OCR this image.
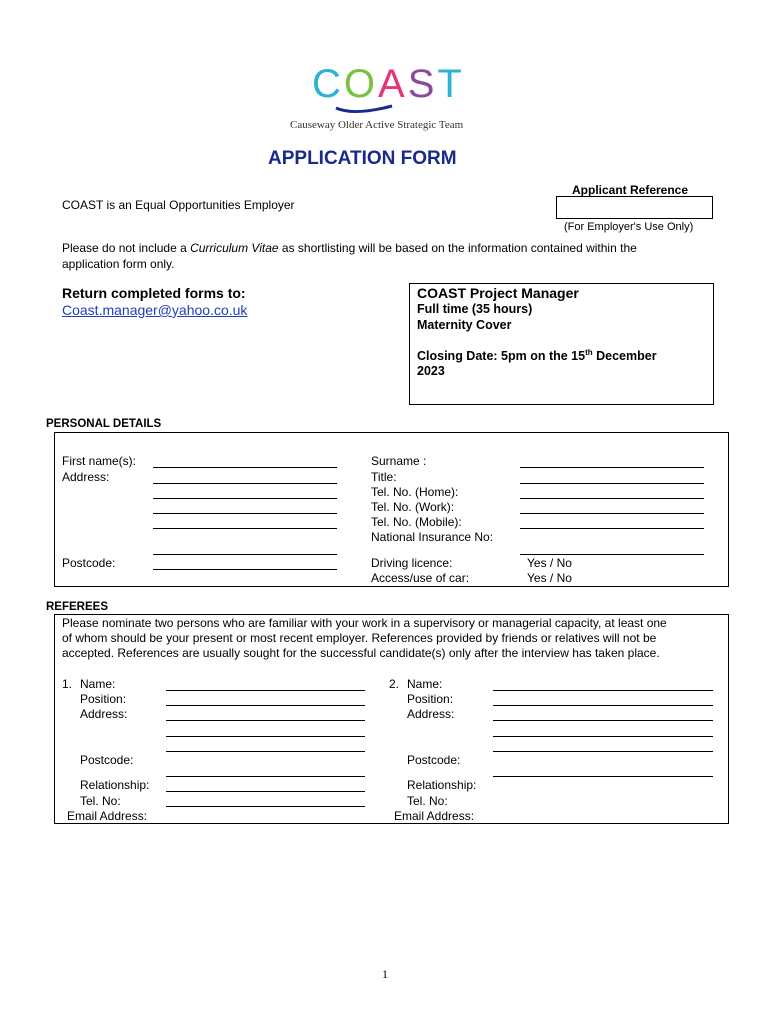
COAST
Causeway Older Active Strategic Team
APPLICATION FORM
Applicant Reference
(For Employer's Use Only)
COAST is an Equal Opportunities Employer
Please do not include a Curriculum Vitae as shortlisting will be based on the information contained within the
application form only.
Return completed forms to:
Coast.manager@yahoo.co.uk
COAST Project Manager
Full time (35 hours)
Maternity Cover
Closing Date: 5pm on the 15th December
2023
PERSONAL DETAILS
First name(s):
Address:
Postcode:
Surname :
Title:
Tel. No. (Home):
Tel. No. (Work):
Tel. No. (Mobile):
National Insurance No:
Driving licence:	Yes / No
Access/use of car:	Yes / No
REFEREES
Please nominate two persons who are familiar with your work in a supervisory or managerial capacity, at least one
of whom should be your present or most recent employer. References provided by friends or relatives will not be
accepted. References are usually sought for the successful candidate(s) only after the interview has taken place.
1. Name:
Position:
Address:
Postcode:
Relationship:
Tel. No:
Email Address:
2. Name:
Position:
Address:
Postcode:
Relationship:
Tel. No:
Email Address:
1
